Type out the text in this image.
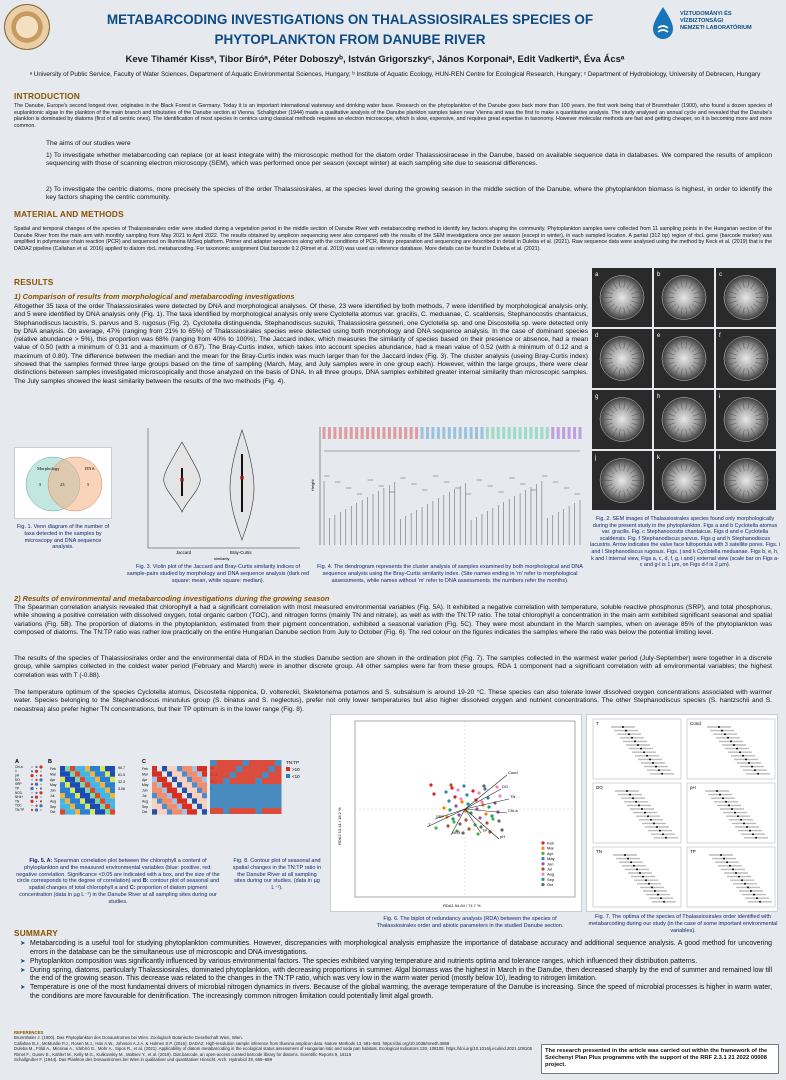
VÍZTUDOMÁNYI ÉS
VÍZBIZTONSÁGI
NEMZETI LABORATÓRIUM
METABARCODING INVESTIGATIONS ON THALASSIOSIRALES SPECIES OF
PHYTOPLANKTON FROM DANUBE RIVER
Keve Tihamér Kissᵃ, Tibor Bíróᵃ, Péter Doboszyᵇ, István Grigorszkyᶜ, János Korponaiᵃ, Edit Vadkertiᵃ, Éva Ácsᵃ
ᵃ University of Public Service, Faculty of Water Sciences, Department of Aquatic Environmental Sciences, Hungary; ᵇ Institute of Aquatic Ecology, HUN-REN Centre for Ecological Research, Hungary; ᶜ Department of Hydrobiology, University of Debrecen, Hungary
INTRODUCTION
The Danube, Europe's second longest river, originates in the Black Forest in Germany. Today it is an important international waterway and drinking water base. Research on the phytoplankton of the Danube goes back more than 100 years, the first work being that of Brunnthaler (1900), who found a dozen species of euplanktonic algae in the plankton of the main branch and tributaries of the Danube section at Vienna. Schallgruber (1944) made a qualitative analysis of the Danube plankton samples taken near Vienna and was the first to make a quantitative analysis. The study analysed an annual cycle and revealed that the Danube's plankton is dominated by diatoms (first of all centric ones). The identification of most species in centrics using classical methods requires an electron microscope, which is slow, expensive, and requires great expertise in taxonomy. However molecular methods are fast and getting cheaper, so it is becoming more and more common.
The aims of our studies were
1) To investigate whether metabarcoding can replace (or at least integrate with) the microscopic method for the diatom order Thalassiosiraceae in the Danube, based on available sequence data in databases. We compared the results of amplicon sequencing with those of scanning electron microscopy (SEM), which was performed once per season (except winter) at each sampling site due to seasonal differences.
2) To investigate the centric diatoms, more precisely the species of the order Thalassiosirales, at the species level during the growing season in the middle section of the Danube, where the phytoplankton biomass is highest, in order to identify the key factors shaping the centric community.
MATERIAL AND METHODS
Spatial and temporal changes of the species of Thalassiosirales order were studied during a vegetation period in the middle section of Danube River with metabarcoding method to identify key factors shaping the community. Phytoplankton samples were collected from 11 sampling points in the Hungarian section of the Danube River from the main arm with monthly sampling from May 2021 to April 2022. The results obtained by amplicon sequencing were also compared with the results of the SEM investigations once per season (except in winter), in each sampled location. A partial (312 bp) region of rbcL gene (barcode marker) was amplified in polymerase chain reaction (PCR) and sequenced on Illumina MiSeq platform. Primer and adapter sequences along with the conditions of PCR, library preparation and sequencing are described in detail in Duleba et al. (2021). Raw sequence data were analysed using the method by Keck et al. (2019) that is the DADA2 pipeline (Callahan et al. 2016) applied to diatom rbcL metabarcoding. For taxonomic assignment Diat.barcode 9.2 (Rimet et al. 2019) was used as reference database. More details can be found in Duleba et al. (2021).
RESULTS
1) Comparison of results from morphological and metabarcoding investigations
Altogether 35 taxa of the order Thalassiosirales were detected by DNA and morphological analyses. Of these, 23 were identified by both methods, 7 were identified by morphological analysis only, and 5 were identified by DNA analysis only (Fig. 1). The taxa identified by morphological analysis only were Cyclotella atomus var. gracilis, C. meduanae, C. scaldensis, Stephanocostis chantaicus, Stephanodiscus lacustris, S. parvus and S. rugosus (Fig. 2). Cyclotella distinguenda, Stephanodiscus suzukii, Thalassiosira gessneri, one Cyclotella sp. and one Discostella sp. were detected only by DNA analysis. On average, 47% (ranging from 21% to 65%) of Thalassiosirales species were detected using both morphology and DNA sequence analysis. In the case of dominant species (relative abundance > 5%), this proportion was 68% (ranging from 40% to 100%). The Jaccard index, which measures the similarity of species based on their presence or absence, had a mean value of 0.50 (with a minimum of 0.31 and a maximum of 0.67). The Bray-Curtis index, which takes into account species abundance, had a mean value of 0.52 (with a minimum of 0.12 and a maximum of 0.80). The difference between the median and the mean for the Bray-Curtis index was much larger than for the Jaccard index (Fig. 3). The cluster analysis (useing Bray-Curtis index) showed that the samples formed three large groups based on the time of sampling (March, May, and July samples were in one group each). However, within the large groups, there were clear distinctions between samples investigated microscopically and those analyzed on the basis of DNA. In all three groups, DNA samples exhibited greater internal similarity than microscopic samples. The July samples showed the least similarity between the results of the two methods (Fig. 4).
a	b	c
d	e	f
g	h	i
j	k	l
Fig. 2. SEM images of Thalassiosirales species found only morphologically during the present study in the phytoplankton. Figs a and b Cyclotella atomus var. gracilis. Fig. c Stephanocostis chantaicus. Figs d and e Cyclotella scaldensis. Fig. f Stephanodiscus parvus. Figs g and h Stephanodiscus lacustris. Arrow indicates the valve face fultoportula with 3 satellite pores. Figs. i and l Stephanodiscus rugosus. Figs. j and k Cyclotella meduanae. Figs b, e, h, k and l internal view, Figs a, c, d, f, g, i and j external view (scale bar on Figs a-c and g-l is 1 µm, on Figs d-f is 2 µm).
Morphology	DNA
5	23	5
Fig. 1. Venn diagram of the number of taxa detected in the samples by microscopy and DNA sequence analysis.
Jaccard	Bray-Curtis
similarity
Fig. 3. Violin plot of the Jaccard and Bray-Curtis similarity indices of sample-pairs studied by morphology and DNA sequence analysis (dark red square: mean, white square: median).
Height
Fig. 4. The dendrogram represents the cluster analysis of samples examined by both morphological and DNA sequence analysis using the Bray-Curtis similarity index. (Site names ending in 'm' refer to morphological assessments, while names without 'm' refer to DNA assessments. the numbers refer the months).
2) Results of environmental and metabarcoding investigations during the growing season
The Spearman correlation analysis revealed that chlorophyll a had a significant correlation with most measured environmental variables (Fig. 5A). It exhibited a negative correlation with temperature, soluble reactive phosphorus (SRP), and total phosphorus, while showing a positive correlation with dissolved oxygen, total organic carbon (TOC), and nitrogen forms (mainly TN and nitrate), as well as with the TN:TP ratio. The total chlorophyll a concentration in the main arm exhibited significant seasonal and spatial variations (Fig. 5B). The proportion of diatoms in the phytoplankton, estimated from their pigment concentration, exhibited a seasonal variation (Fig. 5C). They were most abundant in the March samples, when on average 85% of the phytoplankton was composed of diatoms. The TN:TP ratio was rather low practically on the entire Hungarian Danube section from July to October (Fig. 6). The red colour on the figures indicates the samples where the ratio was below the potential limiting level.
The results of the species of Thalassiosirales order and the environmental data of RDA in the studies Danube section are shown in the ordination plot (Fig. 7). The samples collected in the warmest water period (July-September) were together in a discrete group, while samples collected in the coldest water period (February and March) were in another discrete group. All other samples were far from these groups. RDA 1 component had a significant correlation with all environmental variables; the highest correlation was with T (-0.88).
The temperature optimum of the species Cyclotella atomus, Discostella nipponica, D. voltereckii, Skeletonema potamos and S. subsalsum is around 19-20 °C. These species can also tolerate lower dissolved oxygen concentrations associated with warmer water. Species belonging to the Stephanodiscus minutulus group (S. binatus and S. neglectus), prefer not only lower temperatures but also higher dissolved oxygen and nutrient concentrations. The other Stephanodiscus species (S. hantzschii and S. neoastrea) also prefer higher TN concentrations, but their TP optimum is in the lower range (Fig. 8).
A	B	C
Chl-a
T
pH
DO
SRP
TP
NO3-
NH4+
TN
TOC
TN:TP
Feb
Mar
Apr
May
Jun
Jul
Aug
Sep
Oct
90.7
61.5
32.3
3.06
Feb
Mar
Apr
May
Jun
Jul
Aug
Sep
Oct
Fig. 5. A: Spearman correlation plot between the chlorophyll a content of phytoplankton and the measured environmental variables (blue: positive, red: negative correlation. Significance <0.05 are indicated with a box, and the size of the circle corresponds to the degree of correlation) and B: contour plot of seasonal and spatial changes of total chlorophyll a and C: proportion of diatom pigment concentration (data in µg L⁻¹) in the Danube River at all sampling sites during our studies.
TN:TP
>10
<10
Fig. 8. Contour plot of seasonal and spatial changes in the TN:TP ratio in the Danube River at all sampling sites during our studies. (data in µg L⁻¹).
Cond
DO
TN
Chl-a
TP
pH
T
NO3
SRP
Feb
Mar
Apr
May
Jun
Jul
Aug
Sep
Oct
RDA1 54.84 / 74.7 %
RDA2 13.41 / 18.2 %
Fig. 6. The biplot of redundancy analysis (RDA) between the species of Thalassiosirales order and abiotic parameters in the studied Danube section.
T	Cond
DO	pH
TN	TP
Fig. 7. The optima of the species of Thalassiosirales order identified with metabarcoding during our study (in the case of some important environmental variables).
SUMMARY
➤ Metabarcoding is a useful tool for studying phytoplankton communities. However, discrepancies with morphological analysis emphasize the importance of database accuracy and additional sequence analysis. A good method for uncovering errors in the database can be the simultaneous use of microscopic and DNA investigations.
➤ Phytoplankton composition was significantly influenced by various environmental factors. The species exhibited varying temperature and nutrients optima and tolerance ranges, which influenced their distribution patterns.
➤ During spring, diatoms, particularly Thalassiosirales, dominated phytoplankton, with decreasing proportions in summer. Algal biomass was the highest in March in the Danube, then decreased sharply by the end of summer and remained low till the end of the growing season. This decrease was related to the changes in the TN:TP ratio, which was very low in the warm water period (mostly below 10), leading to nitrogen limitation.
➤ Temperature is one of the most fundamental drivers of microbial nitrogen dynamics in rivers. Because of the global warming, the average temperature of the Danube is increasing. Since the speed of microbial processes is higher in warm water, the conditions are more favourable for denitrification. The increasingly common nitrogen limitation could potentially limit algal growth.
REFERENCES
Brunnthaler J. (1900). Das Phytoplankton des Donaustromes bei Wien. Zoologisch Botanische Gesellschaft Wien, Wien.
Callahan B.J., McMurdie P.J., Rosen M.J., Han A.W., Johnson A.J.A. & Holmes S.P. (2016). DADA2: High-resolution sample inference from Illumina amplicon data. Nature Methods 13, 581–583. https://doi.org/10.1038/nmeth.3869
Duleba M., Földi A., Micsinai A., Várbíró G., Mohr A., Sipos R., et al. (2021). Applicability of diatom metabarcoding in the ecological status assessment of Hungarian lotic and soda pan habitats. Ecological Indicators 130, 108105. https://doi.org/10.1016/j.ecolind.2021.108105
Rimet F., Gusev E., Kahlert M., Kelly M.G., Kulikovskiy M., Maltsev Y., et al. (2019). Diat.barcode, an open-access curated barcode library for diatoms. Scientific Reports 9, 15116
Schallgruber F. (1944). Das Plankton des Donaustromes bei Wien in qualitativer und quantitativer Hinsicht. Arch. Hydrobiol 39, 665–689
The research presented in the article was carried out within the framework of the Széchenyi Plan Plus programme with the support of the RRF 2.3.1 21 2022 00008 project.
